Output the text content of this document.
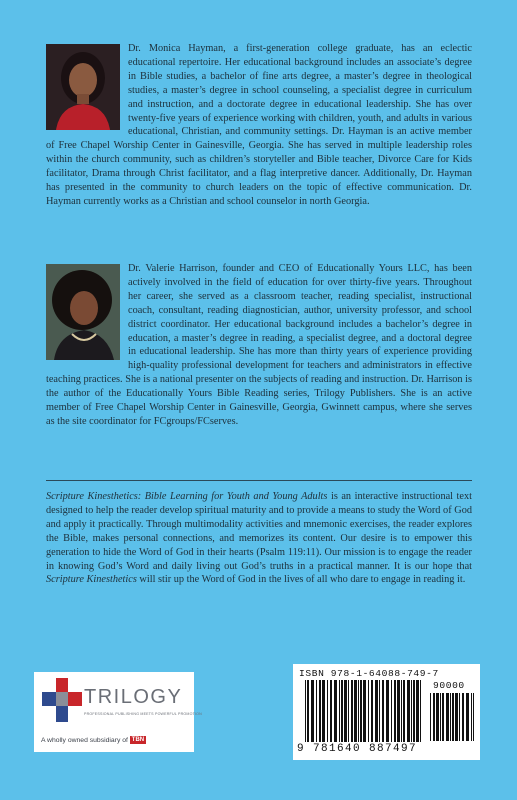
Dr. Monica Hayman, a first-generation college graduate, has an eclectic educational repertoire. Her educational background includes an associate’s degree in Bible studies, a bachelor of fine arts degree, a master’s degree in theological studies, a master’s degree in school counseling, a specialist degree in curriculum and instruction, and a doctorate degree in educational leadership. She has over twenty-five years of experience working with children, youth, and adults in various educational, Christian, and community settings. Dr. Hayman is an active member of Free Chapel Worship Center in Gainesville, Georgia. She has served in multiple leadership roles within the church community, such as children’s storyteller and Bible teacher, Divorce Care for Kids facilitator, Drama through Christ facilitator, and a flag interpretive dancer. Additionally, Dr. Hayman has presented in the community to church leaders on the topic of effective communication. Dr. Hayman currently works as a Christian and school counselor in north Georgia.

Dr. Valerie Harrison, founder and CEO of Educationally Yours LLC, has been actively involved in the field of education for over thirty-five years. Throughout her career, she served as a classroom teacher, reading specialist, instructional coach, consultant, reading diagnostician, author, university professor, and school district coordinator. Her educational background includes a bachelor’s degree in education, a master’s degree in reading, a specialist degree, and a doctoral degree in educational leadership. She has more than thirty years of experience providing high-quality professional development for teachers and administrators in effective teaching practices. She is a national presenter on the subjects of reading and instruction. Dr. Harrison is the author of the Educationally Yours Bible Reading series, Trilogy Publishers. She is an active member of Free Chapel Worship Center in Gainesville, Georgia, Gwinnett campus, where she serves as the site coordinator for FCgroups/FCserves.

Scripture Kinesthetics: Bible Learning for Youth and Young Adults is an interactive instructional text designed to help the reader develop spiritual maturity and to provide a means to study the Word of God and apply it practically. Through multimodality activities and mnemonic exercises, the reader explores the Bible, makes personal connections, and memorizes its content. Our desire is to empower this generation to hide the Word of God in their hearts (Psalm 119:11). Our mission is to engage the reader in knowing God’s Word and daily living out God’s truths in a practical manner. It is our hope that Scripture Kinesthetics will stir up the Word of God in the lives of all who dare to engage in reading it.

TRILOGY
PROFESSIONAL PUBLISHING MEETS POWERFUL PROMOTION
A wholly owned subsidiary of TBN
ISBN 978-1-64088-749-7
90000
9 781640 887497
